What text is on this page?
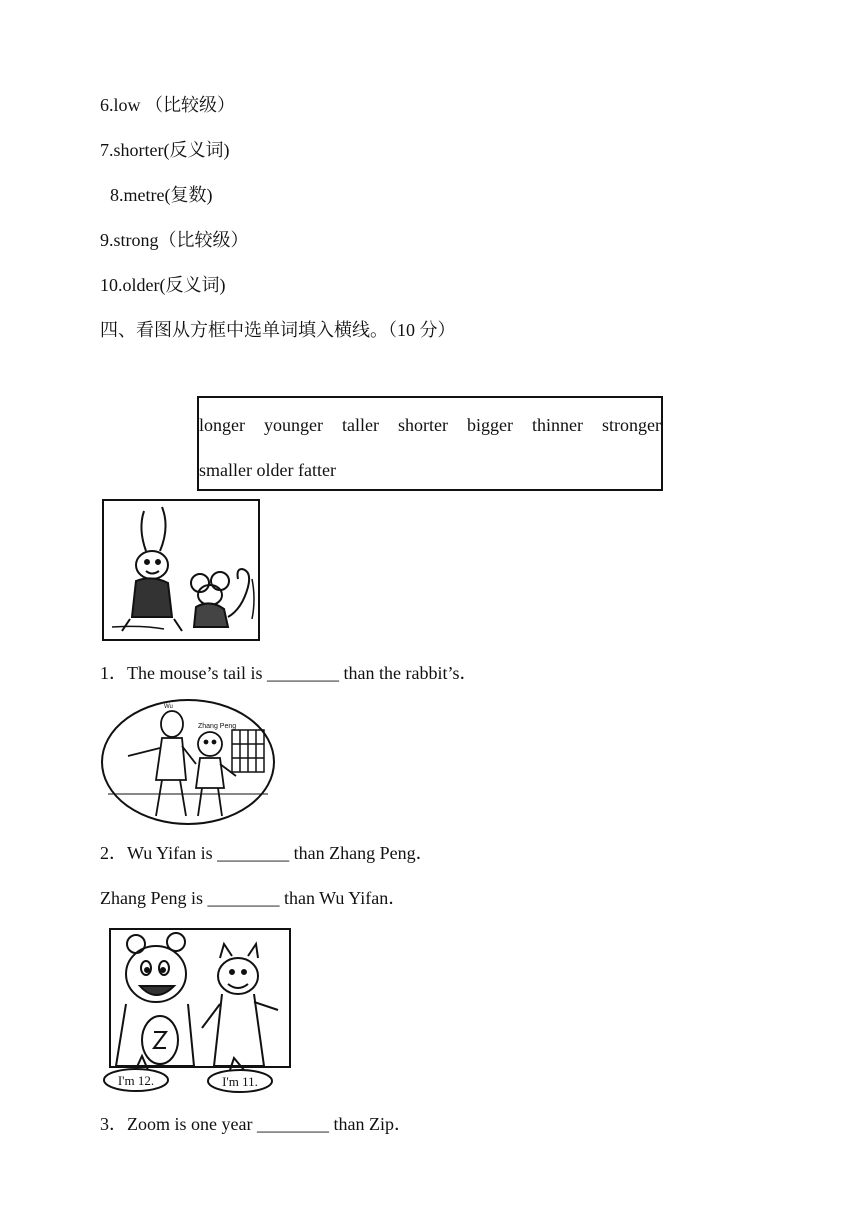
6.low （比较级）
7.shorter(反义词)
8.metre(复数)
9.strong（比较级）
10.older(反义词)
四、看图从方框中选单词填入横线。（10 分）
longer younger taller shorter bigger thinner stronger
smaller older fatter
1．The mouse’s tail is ________ than the rabbit’s．
Wu
Zhang Peng
2．Wu Yifan is ________ than Zhang Peng．
Zhang Peng is ________ than Wu Yifan．
I'm 12.	I'm 11.
3．Zoom is one year ________ than Zip．
